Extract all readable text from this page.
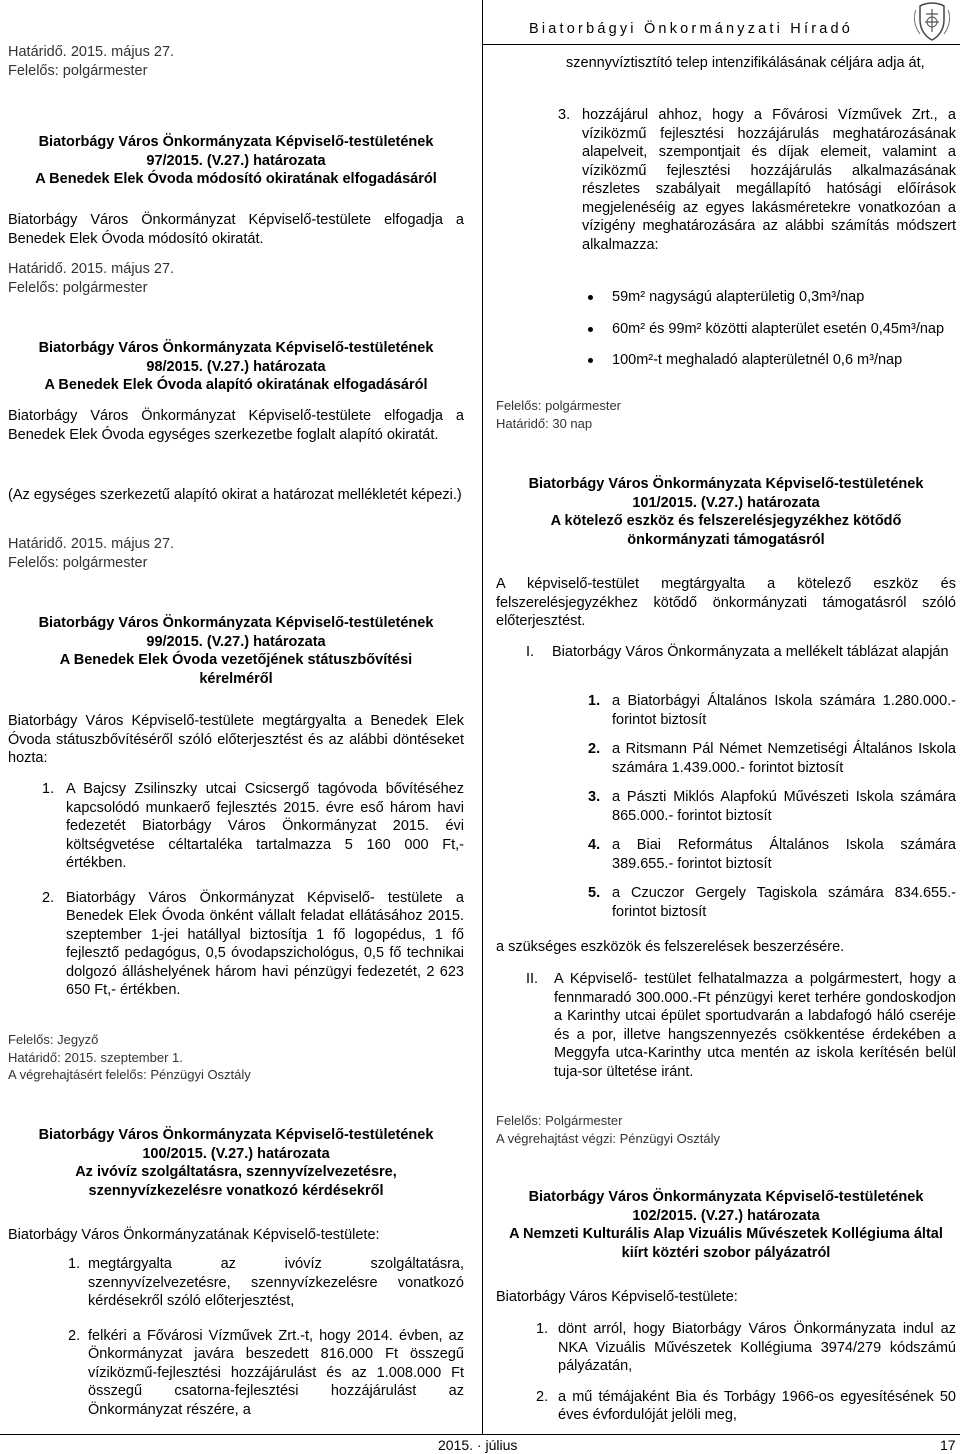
Biatorbágyi Önkormányzati Híradó
Határidő. 2015. május 27.
Felelős: polgármester
Biatorbágy Város Önkormányzata Képviselő-testületének
97/2015. (V.27.) határozata
A Benedek Elek Óvoda módosító okiratának elfogadásáról
Biatorbágy Város Önkormányzat Képviselő-testülete elfogadja a Benedek Elek Óvoda módosító okiratát.
Határidő. 2015. május 27.
Felelős: polgármester
Biatorbágy Város Önkormányzata Képviselő-testületének
98/2015. (V.27.) határozata
A Benedek Elek Óvoda alapító okiratának elfogadásáról
Biatorbágy Város Önkormányzat Képviselő-testülete elfogadja a Benedek Elek Óvoda egységes szerkezetbe foglalt alapító okiratát.
(Az egységes szerkezetű alapító okirat a határozat mellékletét képezi.)
Határidő. 2015. május 27.
Felelős: polgármester
Biatorbágy Város Önkormányzata Képviselő-testületének
99/2015. (V.27.) határozata
A Benedek Elek Óvoda vezetőjének státuszbővítési kérelméről
Biatorbágy Város Képviselő-testülete megtárgyalta a Benedek Elek Óvoda státuszbővítéséről szóló előterjesztést és az alábbi döntéseket hozta:
1. A Bajcsy Zsilinszky utcai Csicsergő tagóvoda bővítéséhez kapcsolódó munkaerő fejlesztés 2015. évre eső három havi fedezetét Biatorbágy Város Önkormányzat 2015. évi költségvetése céltartaléka tartalmazza 5 160 000 Ft,- értékben.
2. Biatorbágy Város Önkormányzat Képviselő- testülete a Benedek Elek Óvoda önként vállalt feladat ellátásához 2015. szeptember 1-jei hatállyal biztosítja 1 fő logopédus, 1 fő fejlesztő pedagógus, 0,5 óvodapszichológus, 0,5 fő technikai dolgozó álláshelyének három havi pénzügyi fedezetét, 2 623 650 Ft,- értékben.
Felelős: Jegyző
Határidő: 2015. szeptember 1.
A végrehajtásért felelős: Pénzügyi Osztály
Biatorbágy Város Önkormányzata Képviselő-testületének
100/2015. (V.27.) határozata
Az ivóvíz szolgáltatásra, szennyvízelvezetésre, szennyvízkezelésre vonatkozó kérdésekről
Biatorbágy Város Önkormányzatának Képviselő-testülete:
1. megtárgyalta az ivóvíz szolgáltatásra, szennyvízelvezetésre, szennyvízkezelésre vonatkozó kérdésekről szóló előterjesztést,
2. felkéri a Fővárosi Vízművek Zrt.-t, hogy 2014. évben, az Önkormányzat javára beszedett 816.000 Ft összegű víziközmű-fejlesztési hozzájárulást és az 1.008.000 Ft összegű csatorna-fejlesztési hozzájárulást az Önkormányzat részére, a
szennyvíztisztító telep intenzifikálásának céljára adja át,
3. hozzájárul ahhoz, hogy a Fővárosi Vízművek Zrt., a víziközmű fejlesztési hozzájárulás meghatározásának alapelveit, szempontjait és díjak elemeit, valamint a víziközmű fejlesztési hozzájárulás alkalmazásának részletes szabályait megállapító hatósági előírások megjelenéséig az egyes lakásméretekre vonatkozóan a vízigény meghatározására az alábbi számítás módszert alkalmazza:
59m² nagyságú alapterületig 0,3m³/nap
60m² és 99m² közötti alapterület esetén 0,45m³/nap
100m²-t meghaladó alapterületnél 0,6 m³/nap
Felelős: polgármester
Határidő: 30 nap
Biatorbágy Város Önkormányzata Képviselő-testületének
101/2015. (V.27.) határozata
A kötelező eszköz és felszerelésjegyzékhez kötődő önkormányzati támogatásról
A képviselő-testület megtárgyalta a kötelező eszköz és felszerelésjegyzékhez kötődő önkormányzati támogatásról szóló előterjesztést.
I. Biatorbágy Város Önkormányzata a mellékelt táblázat alapján
1. a Biatorbágyi Általános Iskola számára 1.280.000.- forintot biztosít
2. a Ritsmann Pál Német Nemzetiségi Általános Iskola számára 1.439.000.- forintot biztosít
3. a Pászti Miklós Alapfokú Művészeti Iskola számára 865.000.- forintot biztosít
4. a Biai Református Általános Iskola számára 389.655.- forintot biztosít
5. a Czuczor Gergely Tagiskola számára 834.655.- forintot biztosít
a szükséges eszközök és felszerelések beszerzésére.
II. A Képviselő- testület felhatalmazza a polgármestert, hogy a fennmaradó 300.000.-Ft pénzügyi keret terhére gondoskodjon a Karinthy utcai épület sportudvarán a labdafogó háló cseréje és a por, illetve hangszennyezés csökkentése érdekében a Meggyfa utca-Karinthy utca mentén az iskola kerítésén belül tuja-sor ültetése iránt.
Felelős: Polgármester
A végrehajtást végzi: Pénzügyi Osztály
Biatorbágy Város Önkormányzata Képviselő-testületének
102/2015. (V.27.) határozata
A Nemzeti Kulturális Alap Vizuális Művészetek Kollégiuma által kiírt köztéri szobor pályázatról
Biatorbágy Város Képviselő-testülete:
1. dönt arról, hogy Biatorbágy Város Önkormányzata indul az NKA Vizuális Művészetek Kollégiuma 3974/279 kódszámú pályázatán,
2. a mű témájaként Bia és Torbágy 1966-os egyesítésének 50 éves évfordulóját jelöli meg,
2015. · július	17
